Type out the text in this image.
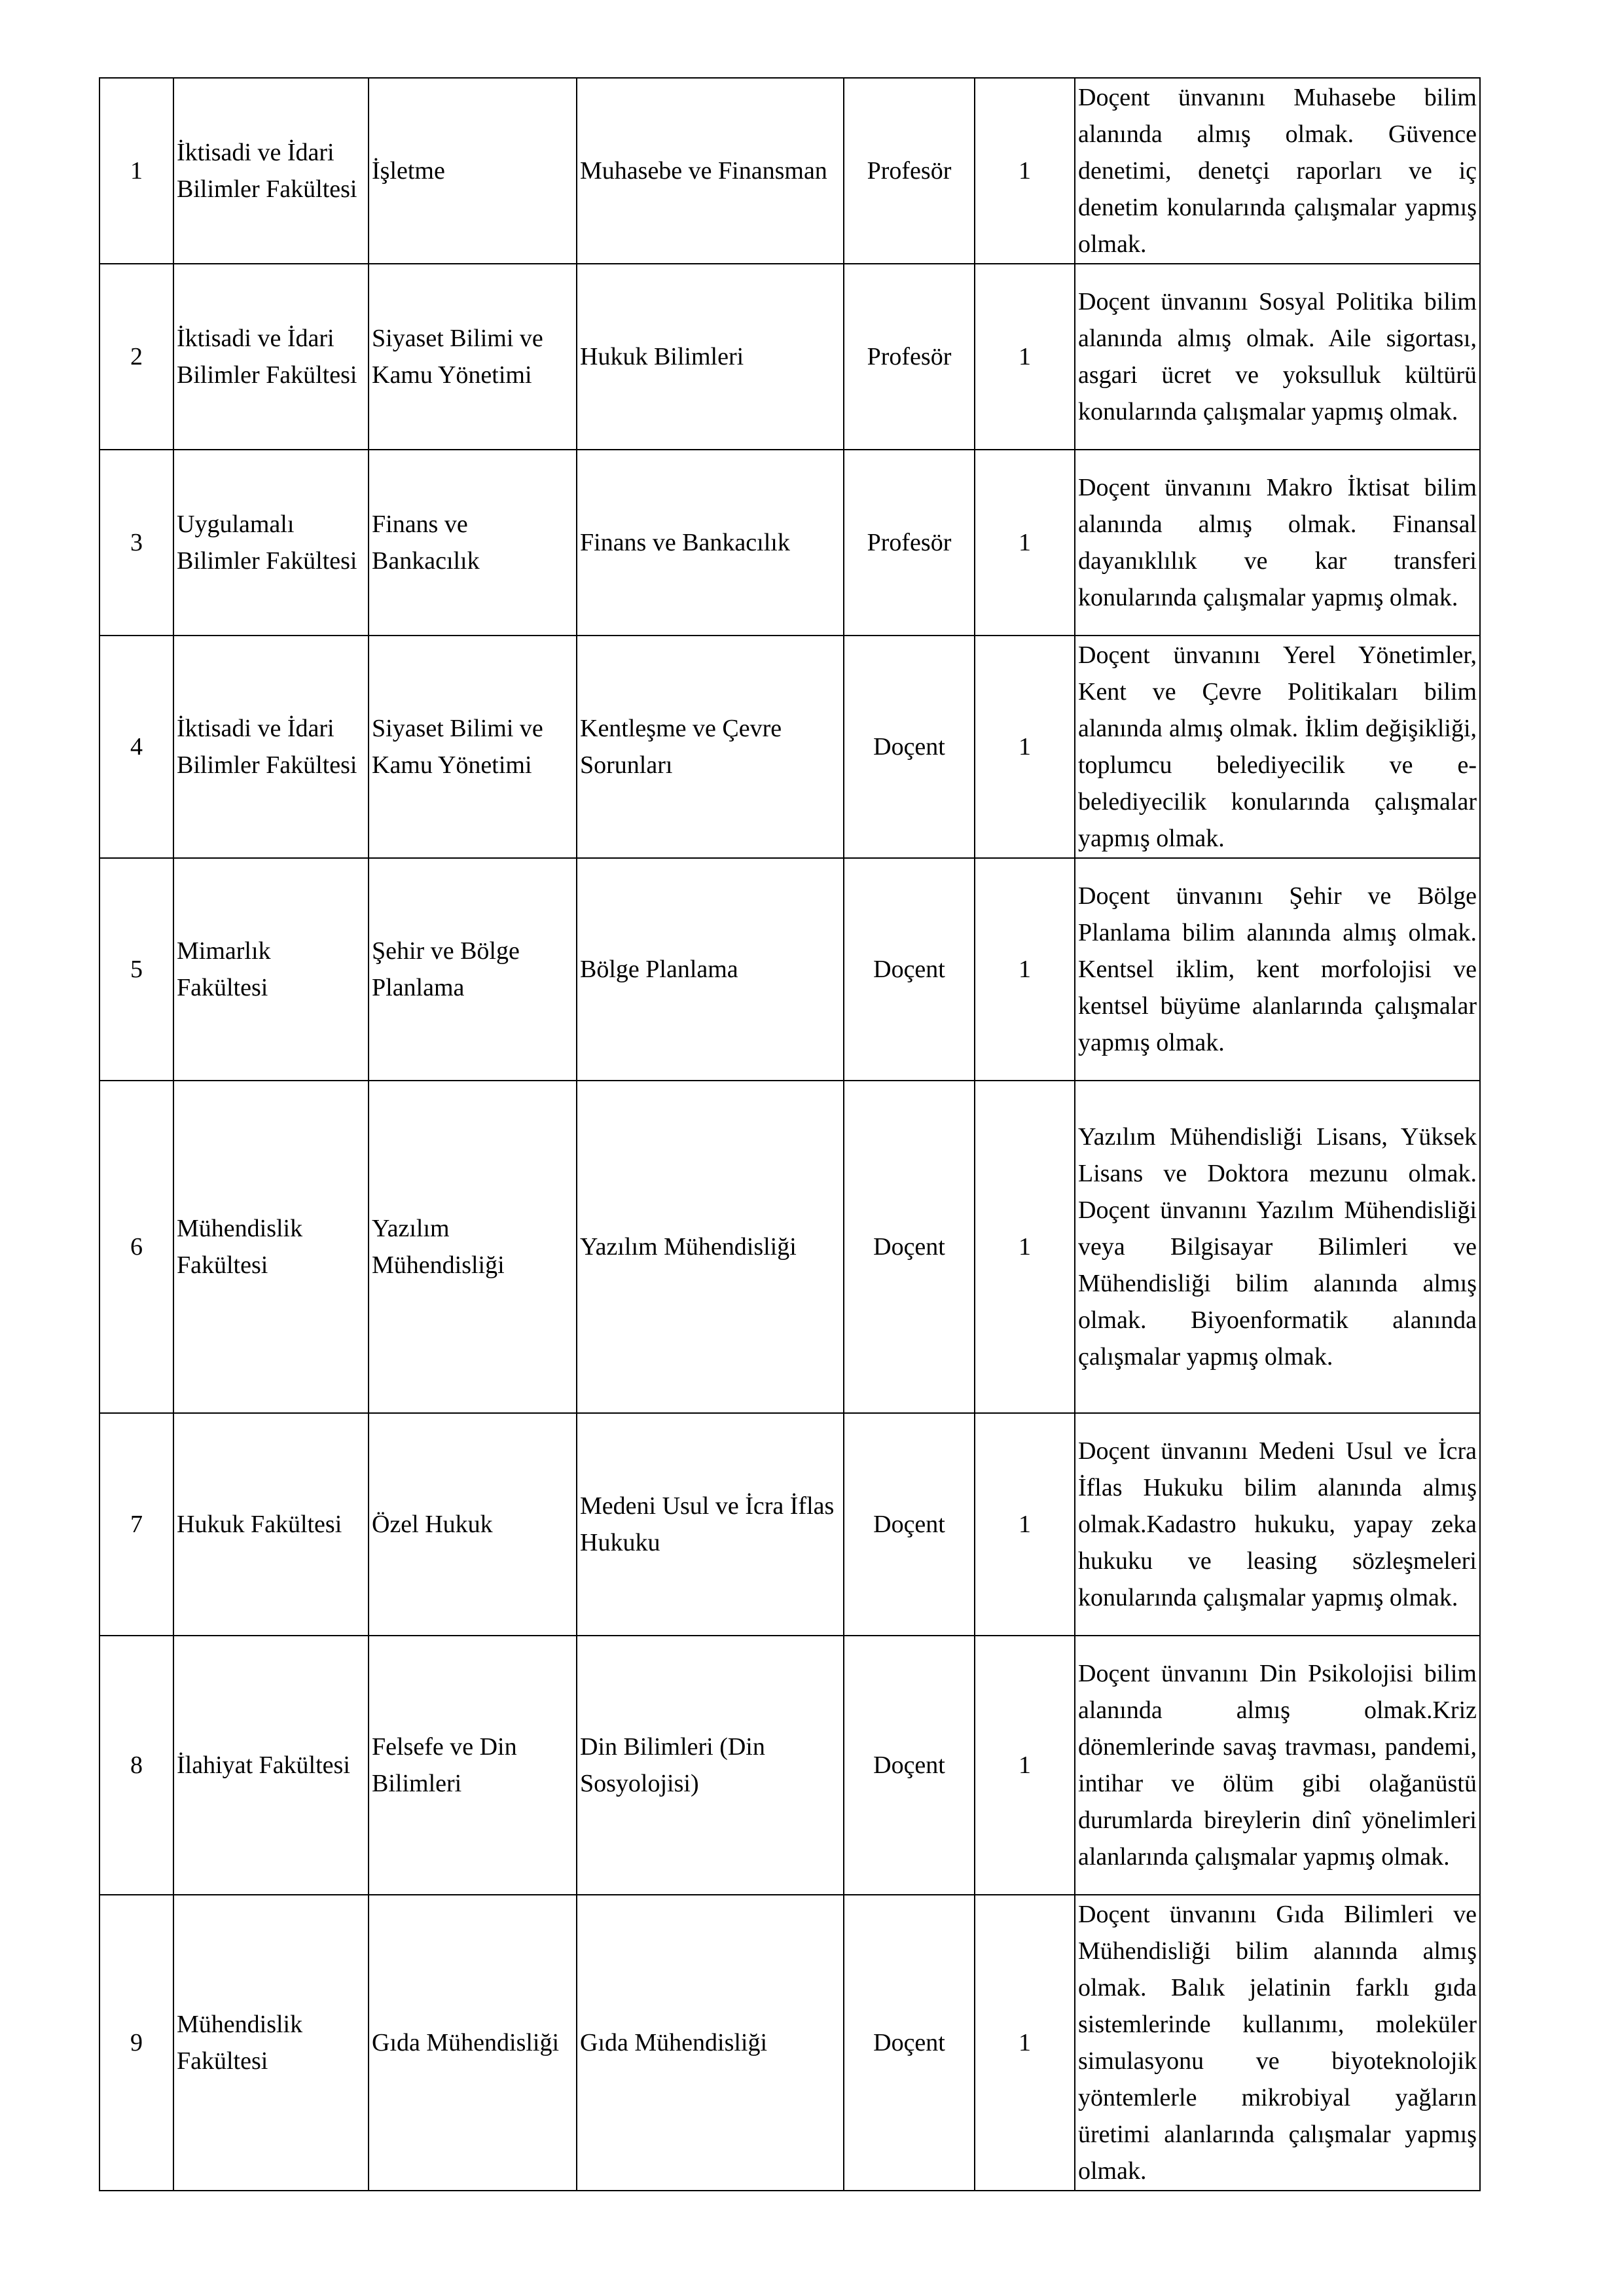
1	İktisadi ve İdari Bilimler Fakültesi	İşletme	Muhasebe ve Finansman	Profesör	1	Doçent ünvanını Muhasebe bilim alanında almış olmak. Güvence denetimi, denetçi raporları ve iç denetim konularında çalışmalar yapmış olmak.
2	İktisadi ve İdari Bilimler Fakültesi	Siyaset Bilimi ve Kamu Yönetimi	Hukuk Bilimleri	Profesör	1	Doçent ünvanını Sosyal Politika bilim alanında almış olmak. Aile sigortası, asgari ücret ve yoksulluk kültürü konularında çalışmalar yapmış olmak.
3	Uygulamalı Bilimler Fakültesi	Finans ve Bankacılık	Finans ve Bankacılık	Profesör	1	Doçent ünvanını Makro İktisat bilim alanında almış olmak. Finansal dayanıklılık ve kar transferi konularında çalışmalar yapmış olmak.
4	İktisadi ve İdari Bilimler Fakültesi	Siyaset Bilimi ve Kamu Yönetimi	Kentleşme ve Çevre Sorunları	Doçent	1	Doçent ünvanını Yerel Yönetimler, Kent ve Çevre Politikaları bilim alanında almış olmak. İklim değişikliği, toplumcu belediyecilik ve e-belediyecilik konularında çalışmalar yapmış olmak.
5	Mimarlık Fakültesi	Şehir ve Bölge Planlama	Bölge Planlama	Doçent	1	Doçent ünvanını Şehir ve Bölge Planlama bilim alanında almış olmak. Kentsel iklim, kent morfolojisi ve kentsel büyüme alanlarında çalışmalar yapmış olmak.
6	Mühendislik Fakültesi	Yazılım Mühendisliği	Yazılım Mühendisliği	Doçent	1	Yazılım Mühendisliği Lisans, Yüksek Lisans ve Doktora mezunu olmak. Doçent ünvanını Yazılım Mühendisliği veya Bilgisayar Bilimleri ve Mühendisliği bilim alanında almış olmak. Biyoenformatik alanında çalışmalar yapmış olmak.
7	Hukuk Fakültesi	Özel Hukuk	Medeni Usul ve İcra İflas Hukuku	Doçent	1	Doçent ünvanını Medeni Usul ve İcra İflas Hukuku bilim alanında almış olmak.Kadastro hukuku, yapay zeka hukuku ve leasing sözleşmeleri konularında çalışmalar yapmış olmak.
8	İlahiyat Fakültesi	Felsefe ve Din Bilimleri	Din Bilimleri (Din Sosyolojisi)	Doçent	1	Doçent ünvanını Din Psikolojisi bilim alanında almış olmak.Kriz dönemlerinde savaş travması, pandemi, intihar ve ölüm gibi olağanüstü durumlarda bireylerin dinî yönelimleri alanlarında çalışmalar yapmış olmak.
9	Mühendislik Fakültesi	Gıda Mühendisliği	Gıda Mühendisliği	Doçent	1	Doçent ünvanını Gıda Bilimleri ve Mühendisliği bilim alanında almış olmak. Balık jelatinin farklı gıda sistemlerinde kullanımı, moleküler simulasyonu ve biyoteknolojik yöntemlerle mikrobiyal yağların üretimi alanlarında çalışmalar yapmış olmak.
